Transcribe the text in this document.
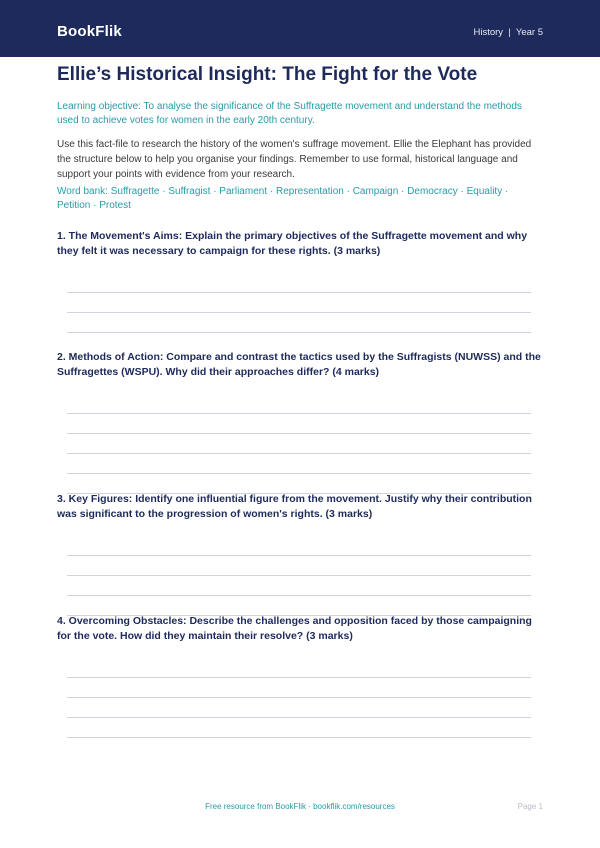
BookFlik	History  |  Year 5
Ellie’s Historical Insight: The Fight for the Vote
Learning objective: To analyse the significance of the Suffragette movement and understand the methods used to achieve votes for women in the early 20th century.
Use this fact-file to research the history of the women's suffrage movement. Ellie the Elephant has provided the structure below to help you organise your findings. Remember to use formal, historical language and support your points with evidence from your research.
Word bank: Suffragette · Suffragist · Parliament · Representation · Campaign · Democracy · Equality · Petition · Protest
1. The Movement's Aims: Explain the primary objectives of the Suffragette movement and why they felt it was necessary to campaign for these rights. (3 marks)
2. Methods of Action: Compare and contrast the tactics used by the Suffragists (NUWSS) and the Suffragettes (WSPU). Why did their approaches differ? (4 marks)
3. Key Figures: Identify one influential figure from the movement. Justify why their contribution was significant to the progression of women's rights. (3 marks)
4. Overcoming Obstacles: Describe the challenges and opposition faced by those campaigning for the vote. How did they maintain their resolve? (3 marks)
Free resource from BookFlik · bookflik.com/resources	Page 1
